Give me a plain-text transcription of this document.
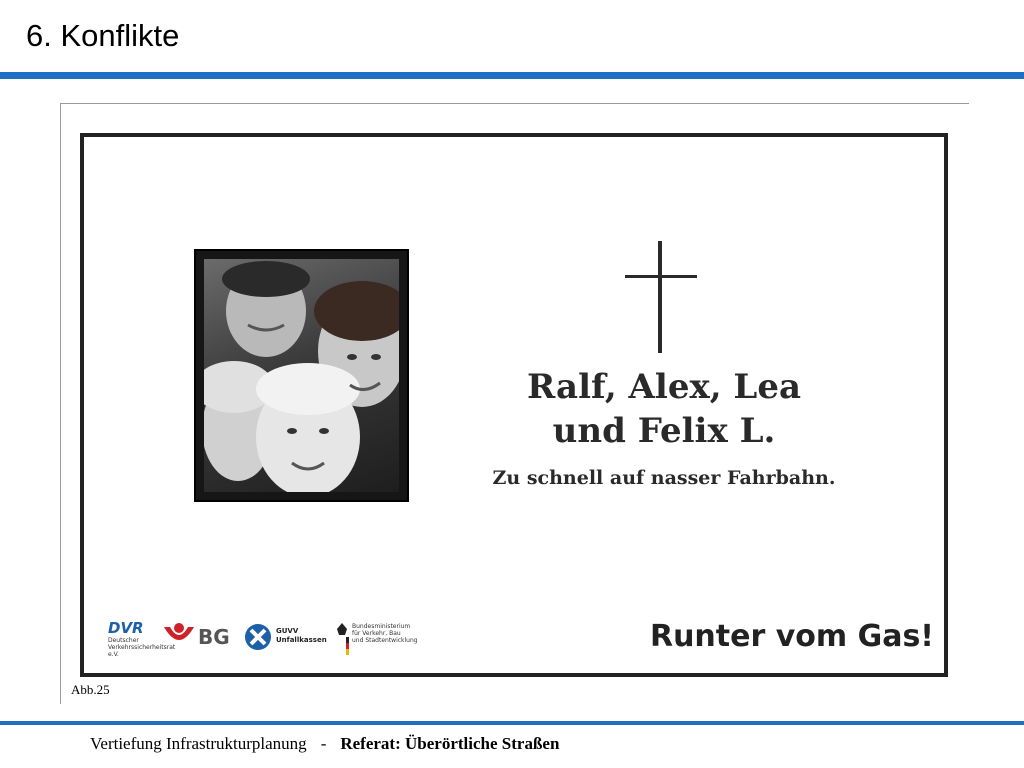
6. Konflikte
Ralf, Alex, Lea
und Felix L.
Zu schnell auf nasser Fahrbahn.
DVR
Deutscher Verkehrssicherheitsrat e.V.
BG	GUVV
Unfallkassen
Bundesministerium
für Verkehr, Bau
und Stadtentwicklung	Runter vom Gas!
Abb.25
Vertiefung Infrastrukturplanung - Referat: Überörtliche Straßen
